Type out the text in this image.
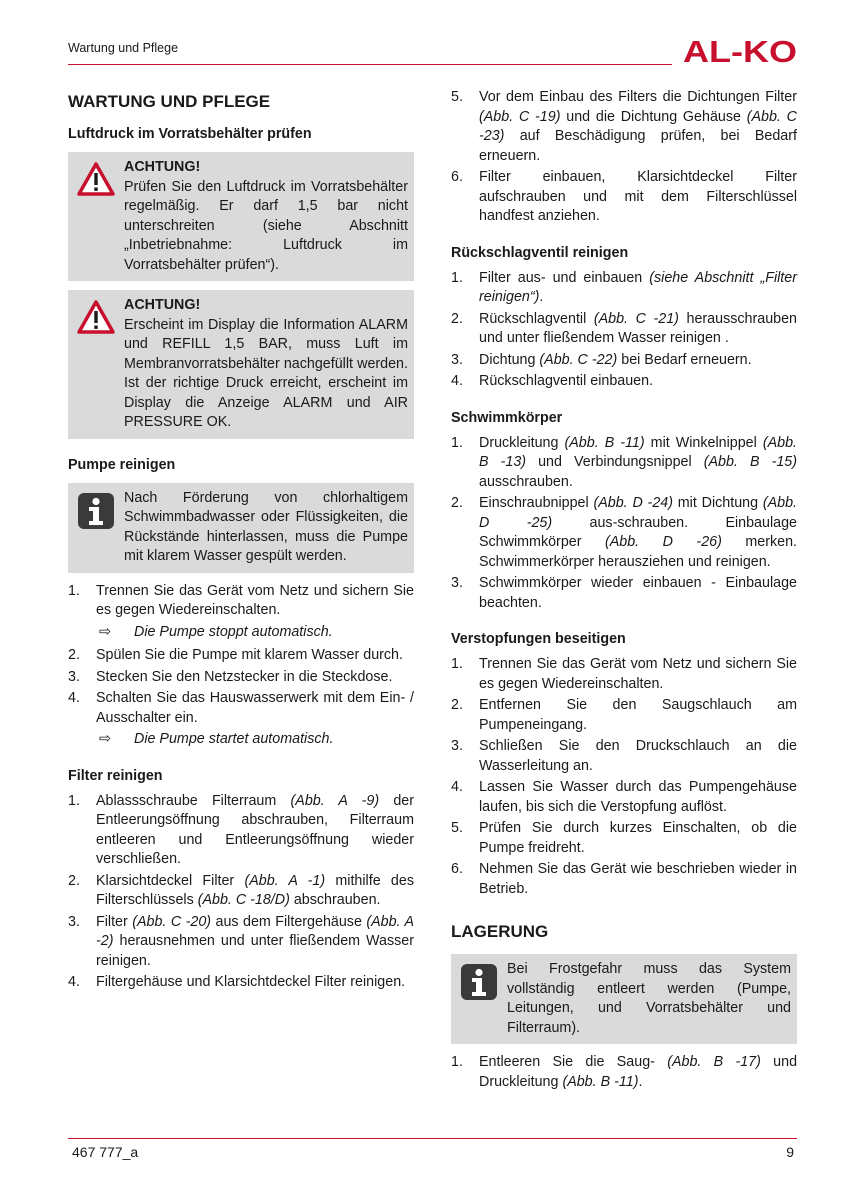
Wartung und Pflege	AL-KO
WARTUNG UND PFLEGE
Luftdruck im Vorratsbehälter prüfen
ACHTUNG!
Prüfen Sie den Luftdruck im Vorratsbehälter regelmäßig. Er darf 1,5 bar nicht unterschreiten (siehe Abschnitt „Inbetriebnahme: Luftdruck im Vorratsbehälter prüfen“).
ACHTUNG!
Erscheint im Display die Information ALARM und REFILL 1,5 BAR, muss Luft im Membranvorratsbehälter nachgefüllt werden. Ist der richtige Druck erreicht, erscheint im Display die Anzeige ALARM und AIR PRESSURE OK.
Pumpe reinigen
Nach Förderung von chlorhaltigem Schwimmbadwasser oder Flüssigkeiten, die Rückstände hinterlassen, muss die Pumpe mit klarem Wasser gespült werden.
1.	Trennen Sie das Gerät vom Netz und sichern Sie es gegen Wiedereinschalten.
⇨	Die Pumpe stoppt automatisch.
2.	Spülen Sie die Pumpe mit klarem Wasser durch.
3.	Stecken Sie den Netzstecker in die Steckdose.
4.	Schalten Sie das Hauswasserwerk mit dem Ein- / Ausschalter ein.
⇨	Die Pumpe startet automatisch.
Filter reinigen
1.	Ablassschraube Filterraum (Abb. A -9) der Entleerungsöffnung abschrauben, Filterraum entleeren und Entleerungsöffnung wieder verschließen.
2.	Klarsichtdeckel Filter (Abb. A -1) mithilfe des Filterschlüssels (Abb. C -18/D) abschrauben.
3.	Filter (Abb. C -20) aus dem Filtergehäuse (Abb. A -2) herausnehmen und unter fließendem Wasser reinigen.
4.	Filtergehäuse und Klarsichtdeckel Filter reinigen.
5.	Vor dem Einbau des Filters die Dichtungen Filter (Abb. C -19) und die Dichtung Gehäuse (Abb. C -23) auf Beschädigung prüfen, bei Bedarf erneuern.
6.	Filter einbauen, Klarsichtdeckel Filter aufschrauben und mit dem Filterschlüssel handfest anziehen.
Rückschlagventil reinigen
1.	Filter aus- und einbauen (siehe Abschnitt „Filter reinigen“).
2.	Rückschlagventil (Abb. C -21) herausschrauben und unter fließendem Wasser reinigen .
3.	Dichtung (Abb. C -22) bei Bedarf erneuern.
4.	Rückschlagventil einbauen.
Schwimmkörper
1.	Druckleitung (Abb. B -11) mit Winkelnippel (Abb. B -13) und Verbindungsnippel (Abb. B -15) ausschrauben.
2.	Einschraubnippel (Abb. D -24) mit Dichtung (Abb. D -25) aus-schrauben. Einbaulage Schwimmkörper (Abb. D -26) merken. Schwimmerkörper herausziehen und reinigen.
3.	Schwimmkörper wieder einbauen - Einbaulage beachten.
Verstopfungen beseitigen
1.	Trennen Sie das Gerät vom Netz und sichern Sie es gegen Wiedereinschalten.
2.	Entfernen Sie den Saugschlauch am Pumpeneingang.
3.	Schließen Sie den Druckschlauch an die Wasserleitung an.
4.	Lassen Sie Wasser durch das Pumpengehäuse laufen, bis sich die Verstopfung auflöst.
5.	Prüfen Sie durch kurzes Einschalten, ob die Pumpe freidreht.
6.	Nehmen Sie das Gerät wie beschrieben wieder in Betrieb.
LAGERUNG
Bei Frostgefahr muss das System vollständig entleert werden (Pumpe, Leitungen, und Vorratsbehälter und Filterraum).
1.	Entleeren Sie die Saug- (Abb. B -17) und Druckleitung (Abb. B -11).
467 777_a	9
